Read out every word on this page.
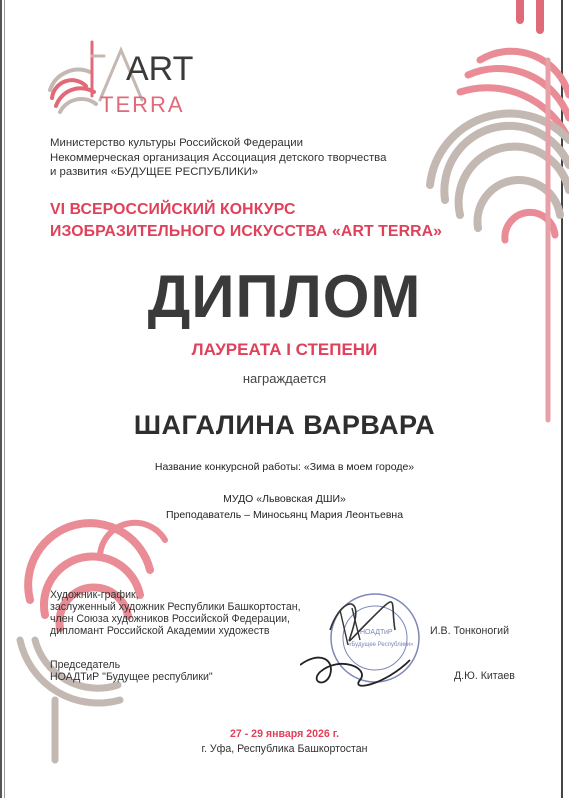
ART
TERRA
Министерство культуры Российской Федерации
Некоммерческая организация Ассоциация детского творчества
и развития «БУДУЩЕЕ РЕСПУБЛИКИ»
VI ВСЕРОССИЙСКИЙ КОНКУРС
ИЗОБРАЗИТЕЛЬНОГО ИСКУССТВА «ART TERRA»
ДИПЛОМ
ЛАУРЕАТА I СТЕПЕНИ
награждается
ШАГАЛИНА ВАРВАРА
Название конкурсной работы: «Зима в моем городе»
МУДО «Львовская ДШИ»
Преподаватель – Миносьянц Мария Леонтьевна
НОАДТиР
«Будущее Республики»
Художник-график,
заслуженный художник Республики Башкортостан,
член Союза художников Российской Федерации,
дипломант Российской Академии художеств	И.В. Тонконогий
Председатель
НОАДТиР "Будущее республики"	Д.Ю. Китаев
27 - 29 января 2026 г.
г. Уфа, Республика Башкортостан
